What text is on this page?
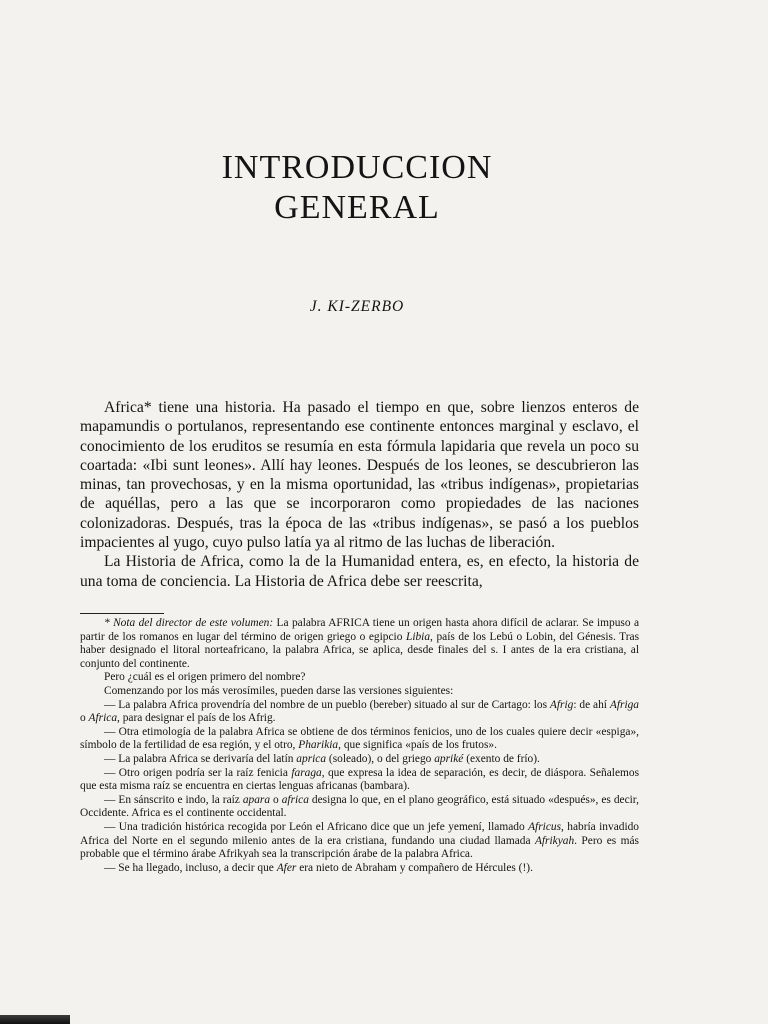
INTRODUCCION
GENERAL
J. KI-ZERBO

Africa* tiene una historia. Ha pasado el tiempo en que, sobre lienzos enteros de mapamundis o portulanos, representando ese continente entonces marginal y esclavo, el conocimiento de los eruditos se resumía en esta fórmula lapidaria que revela un poco su coartada: «Ibi sunt leones». Allí hay leones. Después de los leones, se descubrieron las minas, tan provechosas, y en la misma oportunidad, las «tribus indígenas», propietarias de aquéllas, pero a las que se incorporaron como propiedades de las naciones colonizadoras. Después, tras la época de las «tribus indígenas», se pasó a los pueblos impacientes al yugo, cuyo pulso latía ya al ritmo de las luchas de liberación.

La Historia de Africa, como la de la Humanidad entera, es, en efecto, la historia de una toma de conciencia. La Historia de Africa debe ser reescrita,

* Nota del director de este volumen: La palabra AFRICA tiene un origen hasta ahora difícil de aclarar. Se impuso a partir de los romanos en lugar del término de origen griego o egipcio Libia, país de los Lebú o Lobin, del Génesis. Tras haber designado el litoral norteafricano, la palabra Africa, se aplica, desde finales del s. I antes de la era cristiana, al conjunto del continente.

Pero ¿cuál es el origen primero del nombre?

Comenzando por los más verosímiles, pueden darse las versiones siguientes:

— La palabra Africa provendría del nombre de un pueblo (bereber) situado al sur de Cartago: los Afrig: de ahí Afriga o Africa, para designar el país de los Afrig.

— Otra etimología de la palabra Africa se obtiene de dos términos fenicios, uno de los cuales quiere decir «espiga», símbolo de la fertilidad de esa región, y el otro, Pharikia, que significa «país de los frutos».

— La palabra Africa se derivaría del latín aprica (soleado), o del griego apriké (exento de frío).

— Otro origen podría ser la raíz fenicia faraga, que expresa la idea de separación, es decir, de diáspora. Señalemos que esta misma raíz se encuentra en ciertas lenguas africanas (bambara).

— En sánscrito e indo, la raíz apara o africa designa lo que, en el plano geográfico, está situado «después», es decir, Occidente. Africa es el continente occidental.

— Una tradición histórica recogida por León el Africano dice que un jefe yemení, llamado Africus, habría invadido Africa del Norte en el segundo milenio antes de la era cristiana, fundando una ciudad llamada Afrikyah. Pero es más probable que el término árabe Afrikyah sea la transcripción árabe de la palabra Africa.

— Se ha llegado, incluso, a decir que Afer era nieto de Abraham y compañero de Hércules (!).
